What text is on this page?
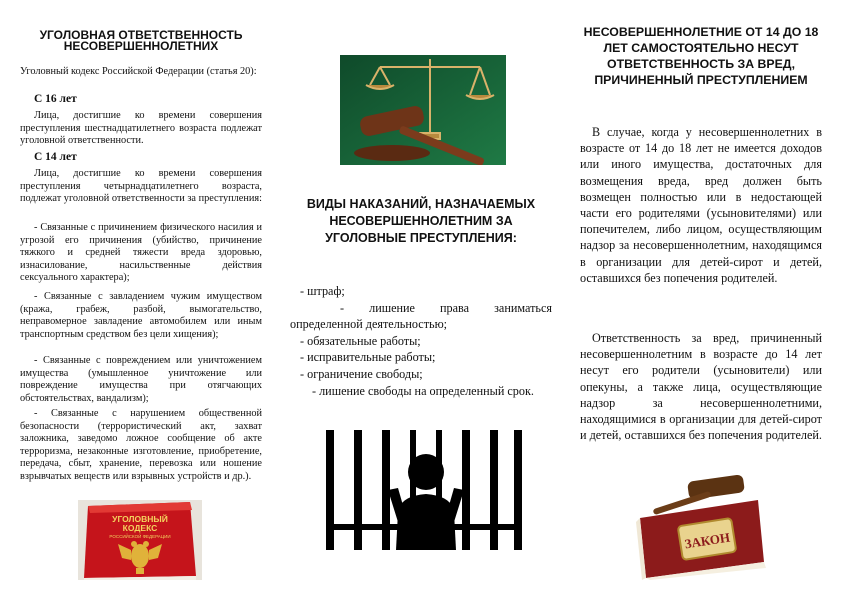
УГОЛОВНАЯ ОТВЕТСТВЕННОСТЬ НЕСОВЕРШЕННОЛЕТНИХ

Уголовный кодекс Российской Федерации (статья 20):

С 16 лет

Лица, достигшие ко времени совершения преступления шестнадцатилетнего возраста подлежат уголовной ответственности.

С 14 лет

Лица, достигшие ко времени совершения преступления четырнадцатилетнего возраста, подлежат уголовной ответственности за преступления:

- Связанные с причинением физического насилия и угрозой его причинения (убийство, причинение тяжкого и средней тяжести вреда здоровью, изнасилование, насильственные действия сексуального характера);

- Связанные с завладением чужим имуществом (кража, грабеж, разбой, вымогательство, неправомерное завладение автомобилем или иным транспортным средством без цели хищения);

- Связанные с повреждением или уничтожением имущества (умышленное уничтожение или повреждение имущества при отягчающих обстоятельствах, вандализм);

- Связанные с нарушением общественной безопасности (террористический акт, захват заложника, заведомо ложное сообщение об акте терроризма, незаконные изготовление, приобретение, передача, сбыт, хранение, перевозка или ношение взрывчатых веществ или взрывных устройств и др.).

УГОЛОВНЫЙ
КОДЕКС
РОССИЙСКОЙ ФЕДЕРАЦИИ
ВИДЫ НАКАЗАНИЙ, НАЗНАЧАЕМЫХ НЕСОВЕРШЕННОЛЕТНИМ ЗА УГОЛОВНЫЕ ПРЕСТУПЛЕНИЯ:
- штраф;
- лишение права заниматься определенной деятельностью;
- обязательные работы;
- исправительные работы;
- ограничение свободы;
- лишение свободы на определенный срок.
НЕСОВЕРШЕННОЛЕТНИЕ ОТ 14 ДО 18 ЛЕТ САМОСТОЯТЕЛЬНО НЕСУТ ОТВЕТСТВЕННОСТЬ ЗА ВРЕД, ПРИЧИНЕННЫЙ ПРЕСТУПЛЕНИЕМ

В случае, когда у несовершеннолетних в возрасте от 14 до 18 лет не имеется доходов или иного имущества, достаточных для возмещения вреда, вред должен быть возмещен полностью или в недостающей части его родителями (усыновителями) или попечителем, либо лицом, осуществляющим надзор за несовершеннолетним, находящимся в организации для детей-сирот и детей, оставшихся без попечения родителей.

Ответственность за вред, причиненный несовершеннолетним в возрасте до 14 лет несут его родители (усыновители) или опекуны, а также лица, осуществляющие надзор за несовершеннолетними, находящимися в организации для детей-сирот и детей, оставшихся без попечения родителей.

ЗАКОН
